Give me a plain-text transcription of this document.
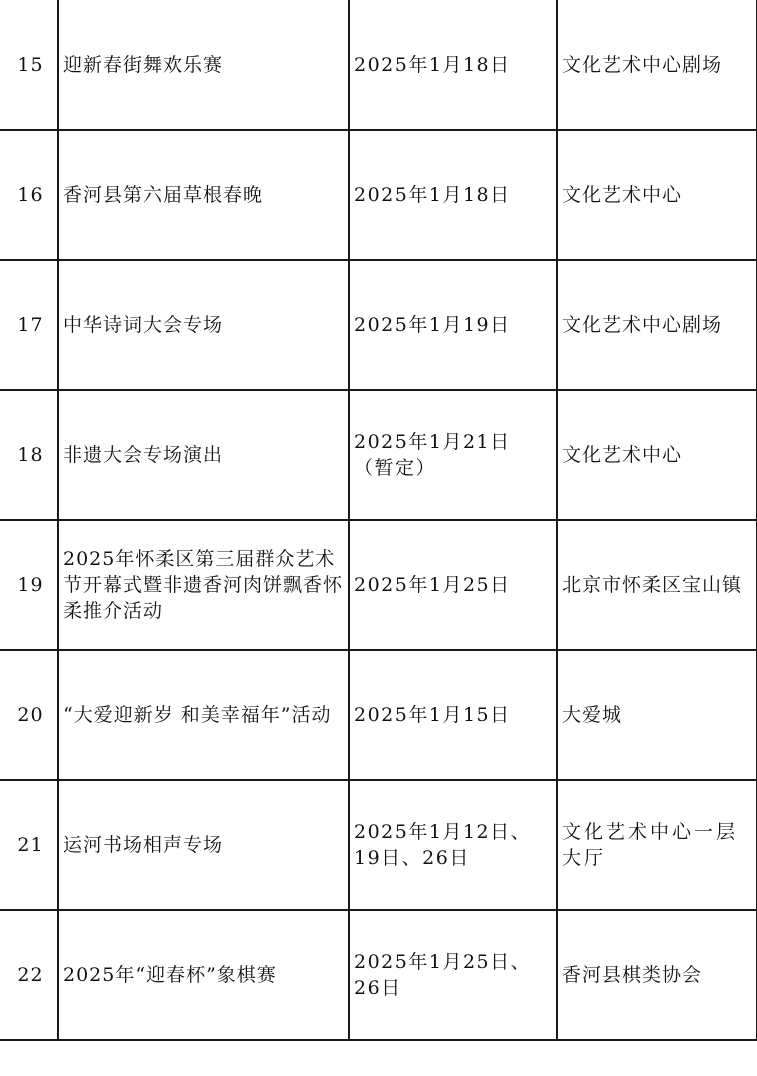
15	迎新春街舞欢乐赛	2025年1月18日	文化艺术中心剧场
16	香河县第六届草根春晚	2025年1月18日	文化艺术中心
17	中华诗词大会专场	2025年1月19日	文化艺术中心剧场
18	非遗大会专场演出	2025年1月21日（暂定）	文化艺术中心
19	2025年怀柔区第三届群众艺术节开幕式暨非遗香河肉饼飘香怀柔推介活动	2025年1月25日	北京市怀柔区宝山镇
20	“大爱迎新岁 和美幸福年”活动	2025年1月15日	大爱城
21	运河书场相声专场	2025年1月12日、19日、26日	文化艺术中心一层大厅
22	2025年“迎春杯”象棋赛	2025年1月25日、26日	香河县棋类协会
